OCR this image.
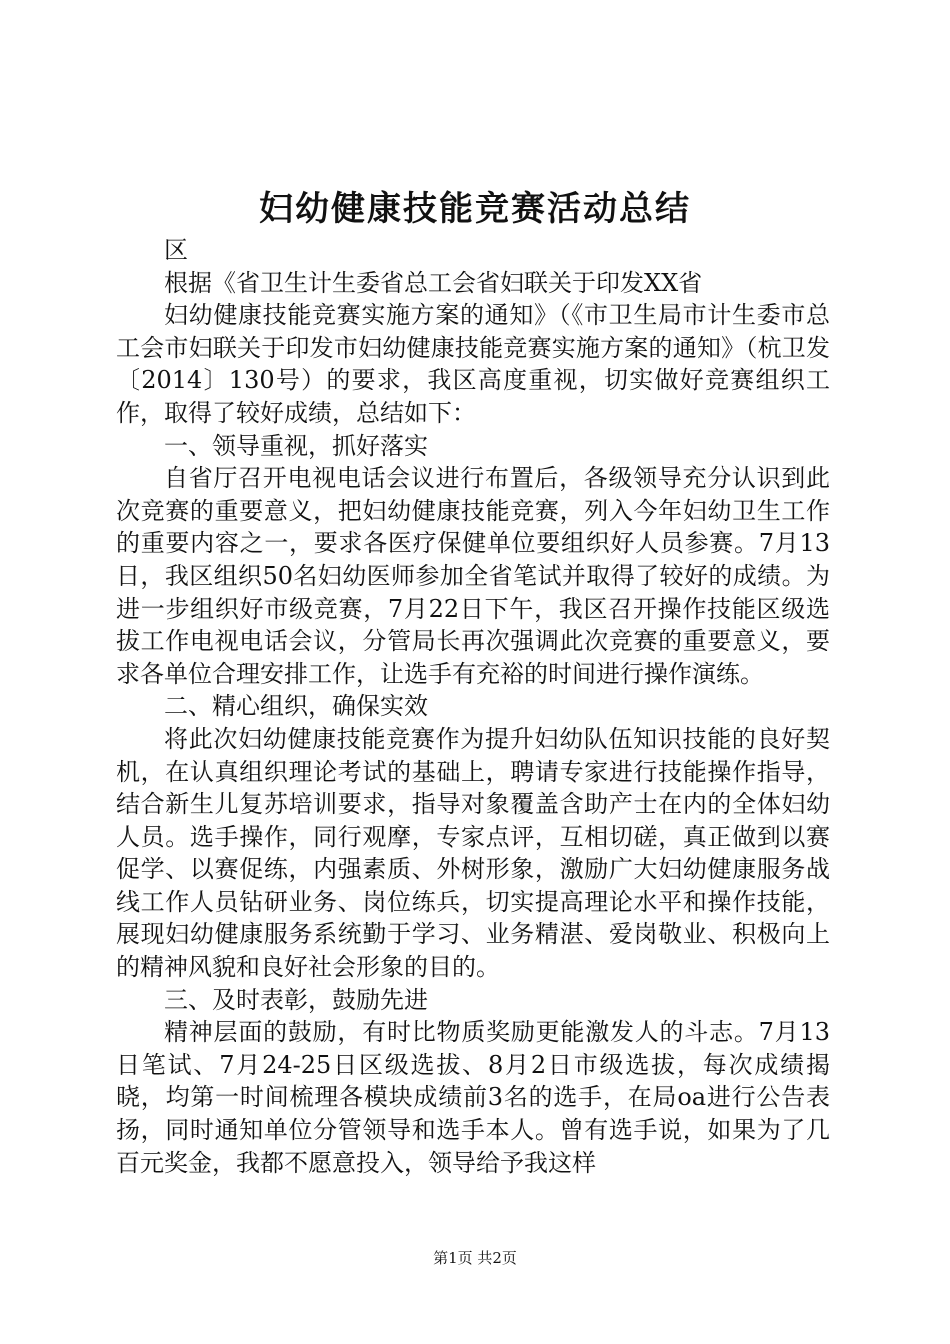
妇幼健康技能竞赛活动总结

区

根据《省卫生计生委省总工会省妇联关于印发XX省

妇幼健康技能竞赛实施方案的通知》（《市卫生局市计生委市总工会市妇联关于印发市妇幼健康技能竞赛实施方案的通知》（杭卫发〔2014〕130号）的要求，我区高度重视，切实做好竞赛组织工作，取得了较好成绩，总结如下：

一、领导重视，抓好落实

自省厅召开电视电话会议进行布置后，各级领导充分认识到此次竞赛的重要意义，把妇幼健康技能竞赛，列入今年妇幼卫生工作的重要内容之一，要求各医疗保健单位要组织好人员参赛。7月13日，我区组织50名妇幼医师参加全省笔试并取得了较好的成绩。为进一步组织好市级竞赛，7月22日下午，我区召开操作技能区级选拔工作电视电话会议，分管局长再次强调此次竞赛的重要意义，要求各单位合理安排工作，让选手有充裕的时间进行操作演练。

二、精心组织，确保实效

将此次妇幼健康技能竞赛作为提升妇幼队伍知识技能的良好契机，在认真组织理论考试的基础上，聘请专家进行技能操作指导，结合新生儿复苏培训要求，指导对象覆盖含助产士在内的全体妇幼人员。选手操作，同行观摩，专家点评，互相切磋，真正做到以赛促学、以赛促练，内强素质、外树形象，激励广大妇幼健康服务战线工作人员钻研业务、岗位练兵，切实提高理论水平和操作技能，展现妇幼健康服务系统勤于学习、业务精湛、爱岗敬业、积极向上的精神风貌和良好社会形象的目的。

三、及时表彰，鼓励先进

精神层面的鼓励，有时比物质奖励更能激发人的斗志。7月13日笔试、7月24-25日区级选拔、8月2日市级选拔，每次成绩揭晓，均第一时间梳理各模块成绩前3名的选手，在局oa进行公告表扬，同时通知单位分管领导和选手本人。曾有选手说，如果为了几百元奖金，我都不愿意投入，领导给予我这样

第1页 共2页
